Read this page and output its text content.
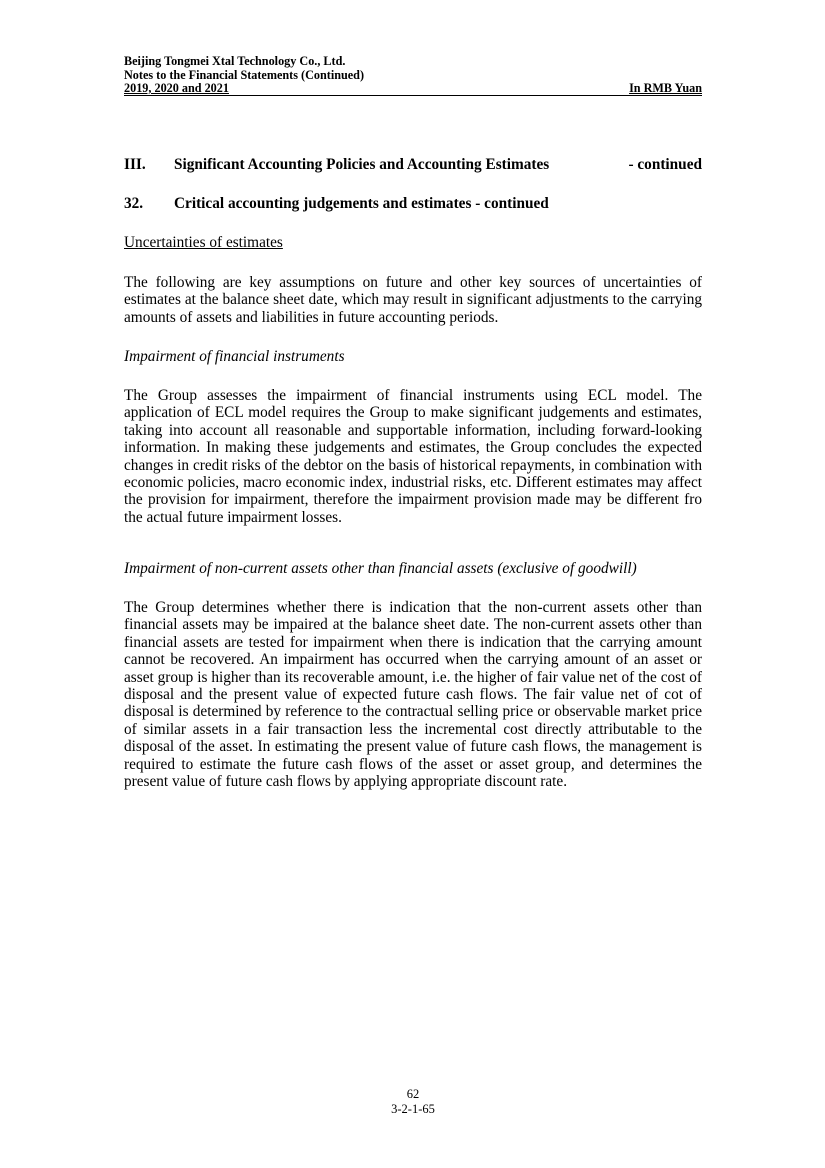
Beijing Tongmei Xtal Technology Co., Ltd.
Notes to the Financial Statements (Continued)
2019, 2020 and 2021	In RMB Yuan
III. Significant Accounting Policies and Accounting Estimates	- continued
32. Critical accounting judgements and estimates - continued

Uncertainties of estimates

The following are key assumptions on future and other key sources of uncertainties of estimates at the balance sheet date, which may result in significant adjustments to the carrying amounts of assets and liabilities in future accounting periods.

Impairment of financial instruments

The Group assesses the impairment of financial instruments using ECL model. The application of ECL model requires the Group to make significant judgements and estimates, taking into account all reasonable and supportable information, including forward-looking information. In making these judgements and estimates, the Group concludes the expected changes in credit risks of the debtor on the basis of historical repayments, in combination with economic policies, macro economic index, industrial risks, etc. Different estimates may affect the provision for impairment, therefore the impairment provision made may be different fro the actual future impairment losses.

Impairment of non-current assets other than financial assets (exclusive of goodwill)

The Group determines whether there is indication that the non-current assets other than financial assets may be impaired at the balance sheet date. The non-current assets other than financial assets are tested for impairment when there is indication that the carrying amount cannot be recovered. An impairment has occurred when the carrying amount of an asset or asset group is higher than its recoverable amount, i.e. the higher of fair value net of the cost of disposal and the present value of expected future cash flows. The fair value net of cot of disposal is determined by reference to the contractual selling price or observable market price of similar assets in a fair transaction less the incremental cost directly attributable to the disposal of the asset. In estimating the present value of future cash flows, the management is required to estimate the future cash flows of the asset or asset group, and determines the present value of future cash flows by applying appropriate discount rate.

62
3-2-1-65
